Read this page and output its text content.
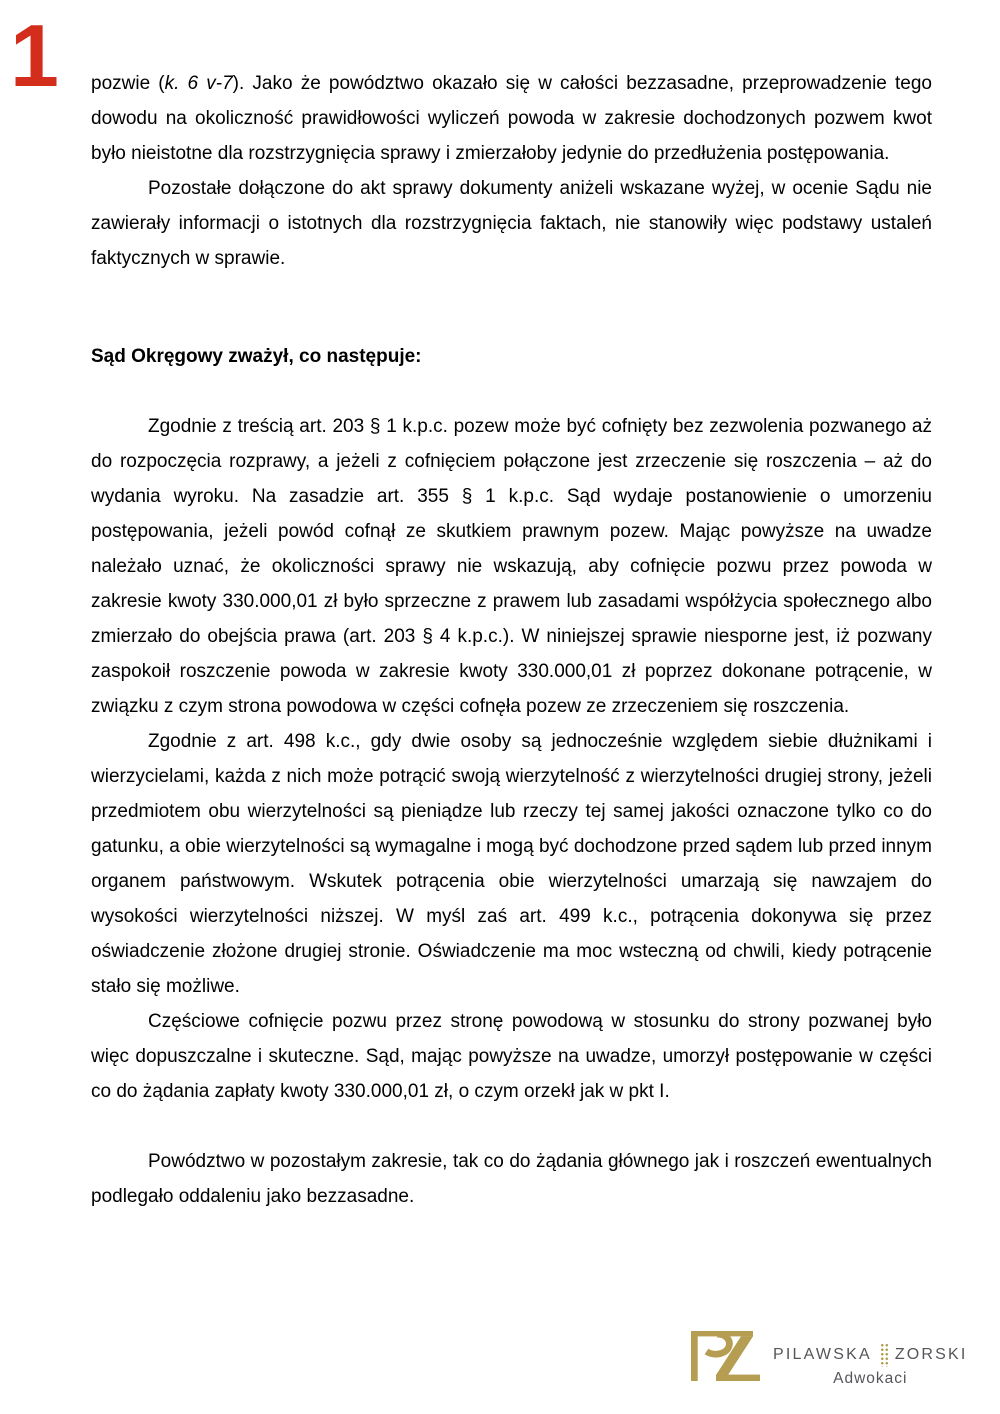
1 pozwie (k. 6 v-7). Jako że powództwo okazało się w całości bezzasadne, przeprowadzenie tego dowodu na okoliczność prawidłowości wyliczeń powoda w zakresie dochodzonych pozwem kwot było nieistotne dla rozstrzygnięcia sprawy i zmierzałoby jedynie do przedłużenia postępowania.

Pozostałe dołączone do akt sprawy dokumenty aniżeli wskazane wyżej, w ocenie Sądu nie zawierały informacji o istotnych dla rozstrzygnięcia faktach, nie stanowiły więc podstawy ustaleń faktycznych w sprawie.

Sąd Okręgowy zważył, co następuje:

Zgodnie z treścią art. 203 § 1 k.p.c. pozew może być cofnięty bez zezwolenia pozwanego aż do rozpoczęcia rozprawy, a jeżeli z cofnięciem połączone jest zrzeczenie się roszczenia – aż do wydania wyroku. Na zasadzie art. 355 § 1 k.p.c. Sąd wydaje postanowienie o umorzeniu postępowania, jeżeli powód cofnął ze skutkiem prawnym pozew. Mając powyższe na uwadze należało uznać, że okoliczności sprawy nie wskazują, aby cofnięcie pozwu przez powoda w zakresie kwoty 330.000,01 zł było sprzeczne z prawem lub zasadami współżycia społecznego albo zmierzało do obejścia prawa (art. 203 § 4 k.p.c.). W niniejszej sprawie niesporne jest, iż pozwany zaspokoił roszczenie powoda w zakresie kwoty 330.000,01 zł poprzez dokonane potrącenie, w związku z czym strona powodowa w części cofnęła pozew ze zrzeczeniem się roszczenia.

Zgodnie z art. 498 k.c., gdy dwie osoby są jednocześnie względem siebie dłużnikami i wierzycielami, każda z nich może potrącić swoją wierzytelność z wierzytelności drugiej strony, jeżeli przedmiotem obu wierzytelności są pieniądze lub rzeczy tej samej jakości oznaczone tylko co do gatunku, a obie wierzytelności są wymagalne i mogą być dochodzone przed sądem lub przed innym organem państwowym. Wskutek potrącenia obie wierzytelności umarzają się nawzajem do wysokości wierzytelności niższej. W myśl zaś art. 499 k.c., potrącenia dokonywa się przez oświadczenie złożone drugiej stronie. Oświadczenie ma moc wsteczną od chwili, kiedy potrącenie stało się możliwe.

Częściowe cofnięcie pozwu przez stronę powodową w stosunku do strony pozwanej było więc dopuszczalne i skuteczne. Sąd, mając powyższe na uwadze, umorzył postępowanie w części co do żądania zapłaty kwoty 330.000,01 zł, o czym orzekł jak w pkt I.

Powództwo w pozostałym zakresie, tak co do żądania głównego jak i roszczeń ewentualnych podlegało oddaleniu jako bezzasadne.

PILAWSKA ZORSKI
Adwokaci
